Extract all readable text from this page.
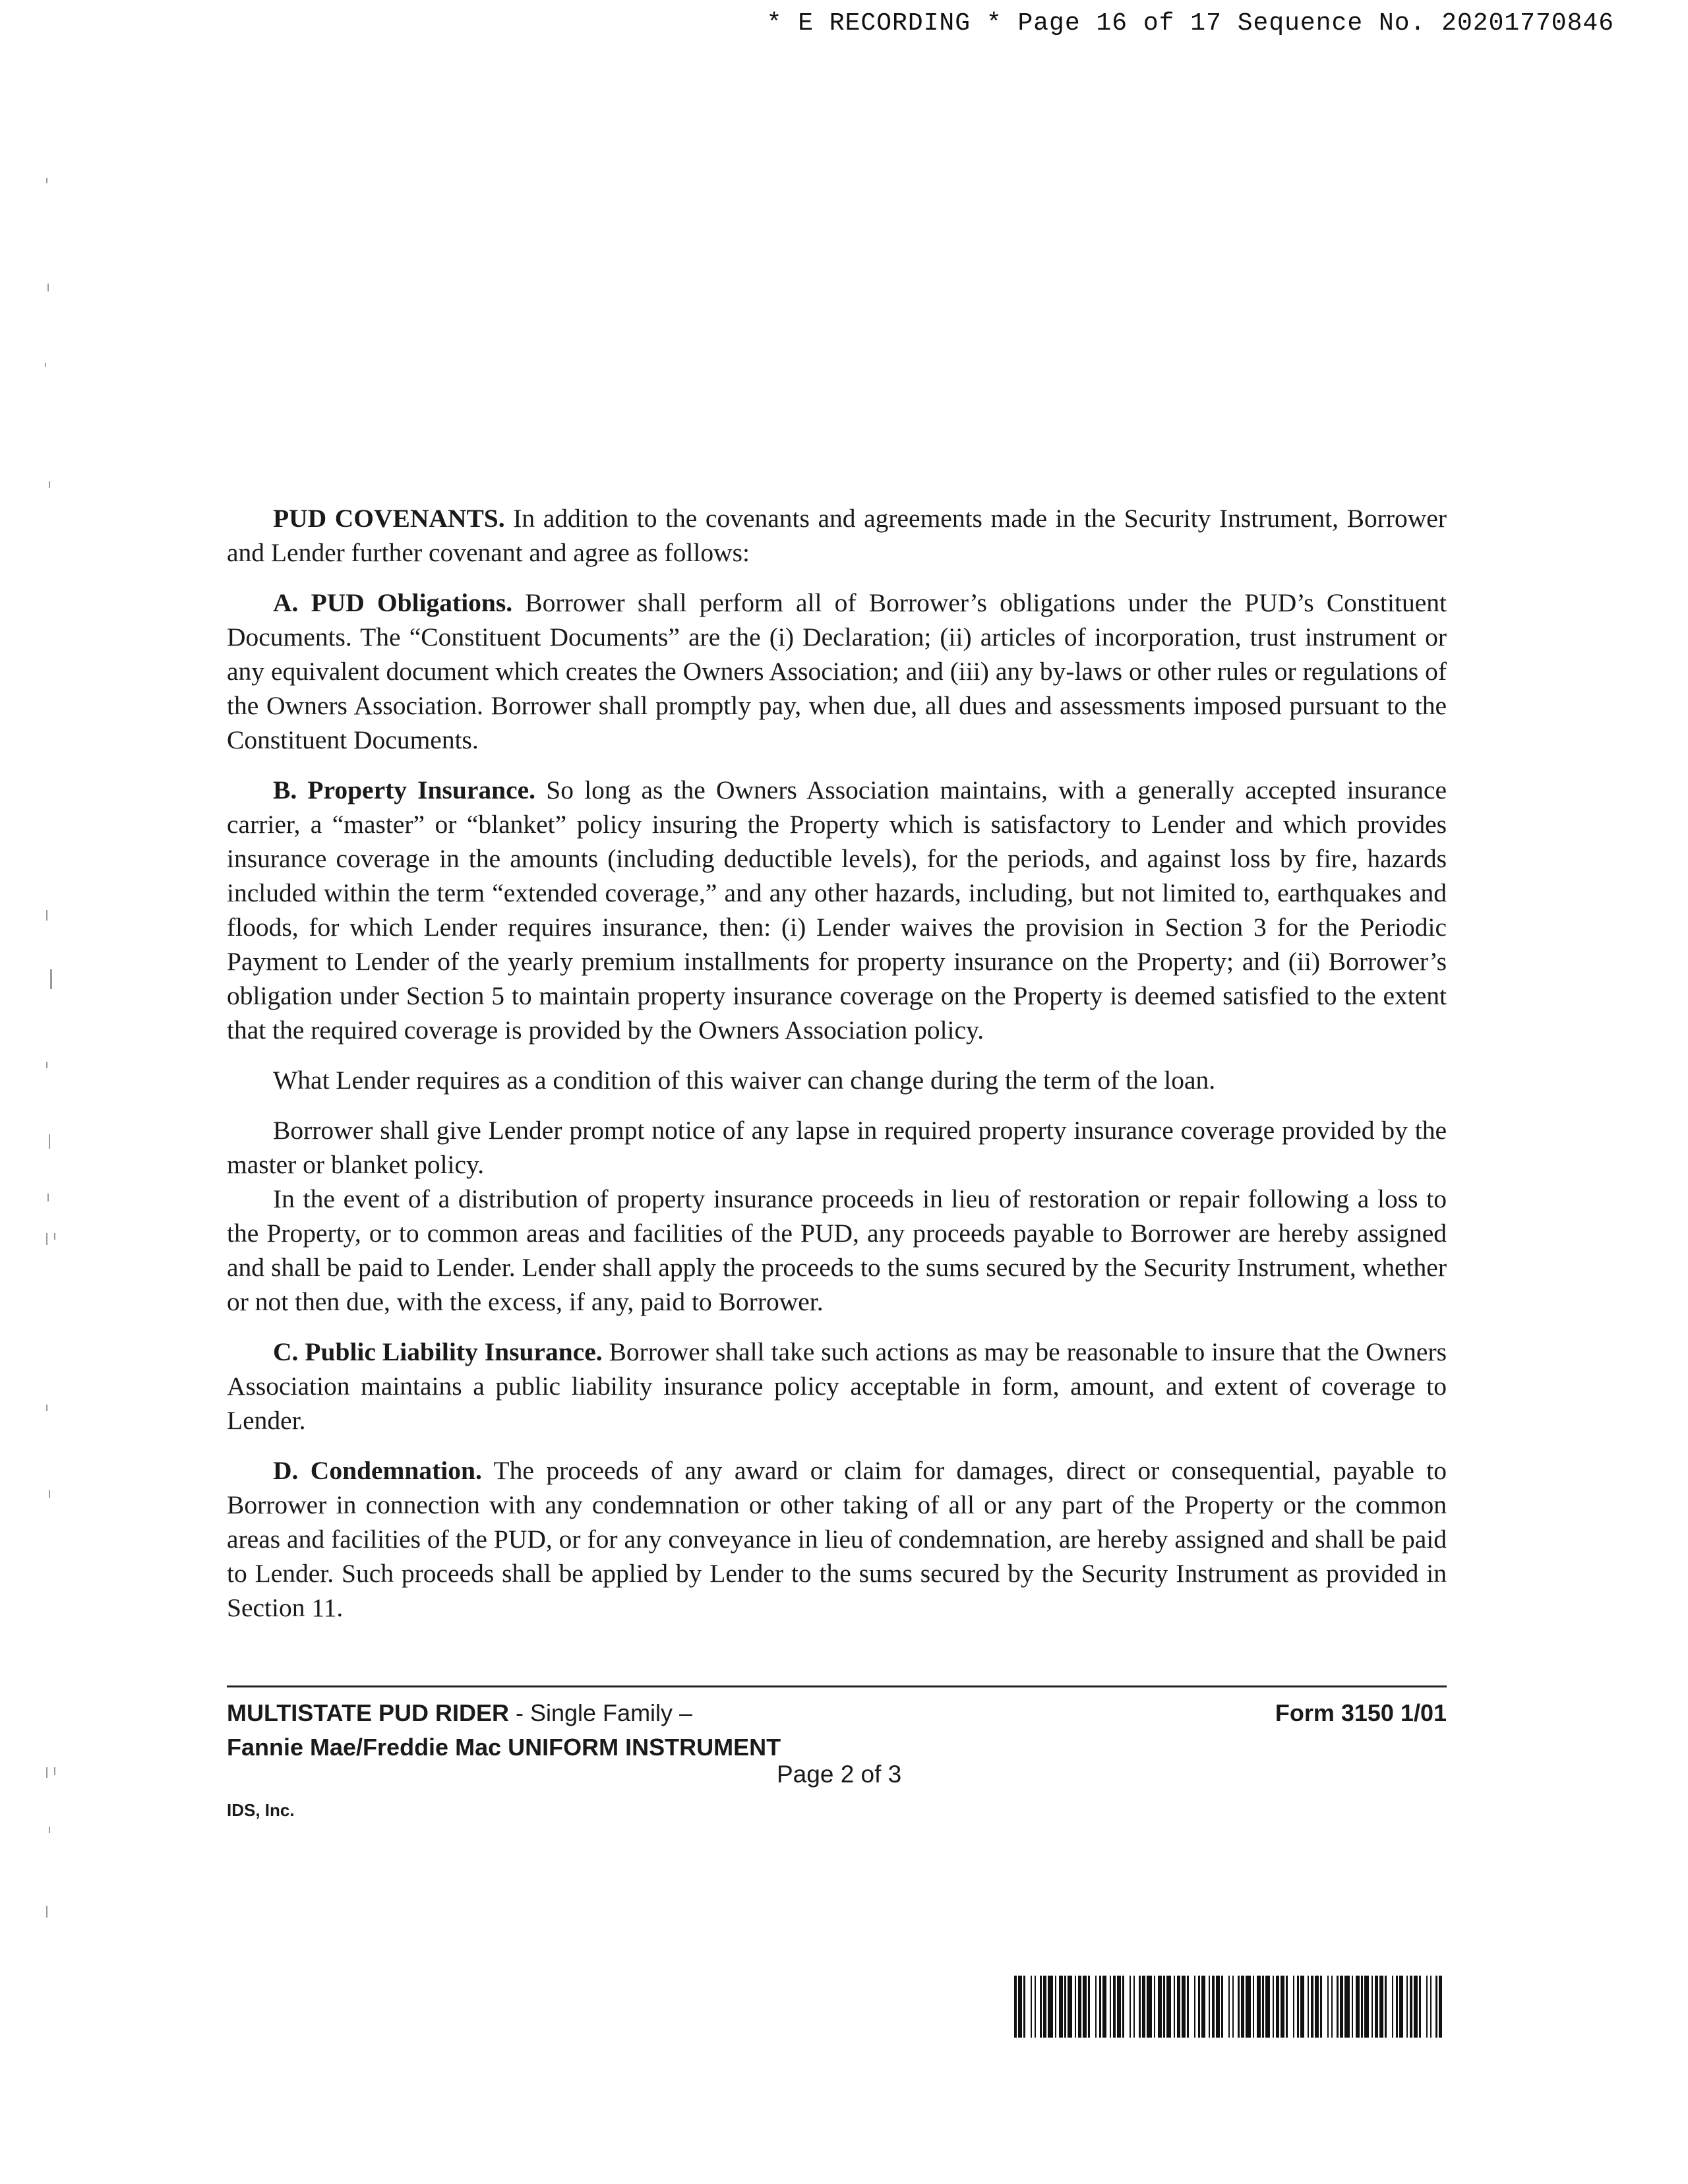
* E RECORDING * Page 16 of 17 Sequence No. 20201770846

PUD COVENANTS. In addition to the covenants and agreements made in the Security Instrument, Borrower and Lender further covenant and agree as follows:

A. PUD Obligations. Borrower shall perform all of Borrower’s obligations under the PUD’s Constituent Documents. The “Constituent Documents” are the (i) Declaration; (ii) articles of incorporation, trust instrument or any equivalent document which creates the Owners Association; and (iii) any by-laws or other rules or regulations of the Owners Association. Borrower shall promptly pay, when due, all dues and assessments imposed pursuant to the Constituent Documents.

B. Property Insurance. So long as the Owners Association maintains, with a generally accepted insurance carrier, a “master” or “blanket” policy insuring the Property which is satisfactory to Lender and which provides insurance coverage in the amounts (including deductible levels), for the periods, and against loss by fire, hazards included within the term “extended coverage,” and any other hazards, including, but not limited to, earthquakes and floods, for which Lender requires insurance, then: (i) Lender waives the provision in Section 3 for the Periodic Payment to Lender of the yearly premium installments for property insurance on the Property; and (ii) Borrower’s obligation under Section 5 to maintain property insurance coverage on the Property is deemed satisfied to the extent that the required coverage is provided by the Owners Association policy.

What Lender requires as a condition of this waiver can change during the term of the loan.

Borrower shall give Lender prompt notice of any lapse in required property insurance coverage provided by the master or blanket policy.

In the event of a distribution of property insurance proceeds in lieu of restoration or repair following a loss to the Property, or to common areas and facilities of the PUD, any proceeds payable to Borrower are hereby assigned and shall be paid to Lender. Lender shall apply the proceeds to the sums secured by the Security Instrument, whether or not then due, with the excess, if any, paid to Borrower.

C. Public Liability Insurance. Borrower shall take such actions as may be reasonable to insure that the Owners Association maintains a public liability insurance policy acceptable in form, amount, and extent of coverage to Lender.

D. Condemnation. The proceeds of any award or claim for damages, direct or consequential, payable to Borrower in connection with any condemnation or other taking of all or any part of the Property or the common areas and facilities of the PUD, or for any conveyance in lieu of condemnation, are hereby assigned and shall be paid to Lender. Such proceeds shall be applied by Lender to the sums secured by the Security Instrument as provided in Section 11.

MULTISTATE PUD RIDER - Single Family –
Fannie Mae/Freddie Mac UNIFORM INSTRUMENT
Form 3150 1/01
Page 2 of 3
IDS, Inc.
